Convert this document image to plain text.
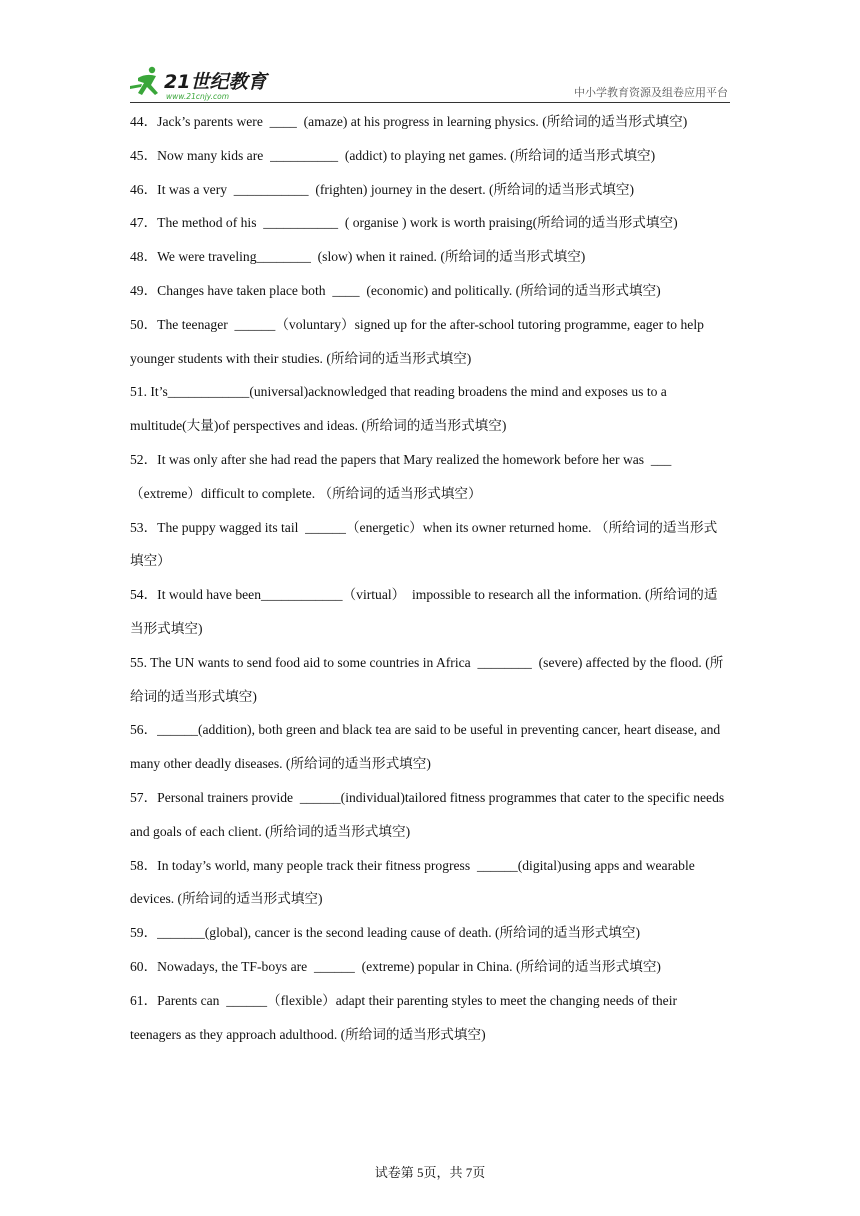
21世纪教育
www.21cnjy.com	中小学教育资源及组卷应用平台

44．Jack’s parents were  ____  (amaze) at his progress in learning physics. (所给词的适当形式填空)

45．Now many kids are  __________  (addict) to playing net games. (所给词的适当形式填空)

46．It was a very  ___________  (frighten) journey in the desert. (所给词的适当形式填空)

47．The method of his  ___________  ( organise ) work is worth praising(所给词的适当形式填空)

48．We were traveling________  (slow) when it rained. (所给词的适当形式填空)

49．Changes have taken place both  ____  (economic) and politically. (所给词的适当形式填空)

50．The teenager  ______（voluntary）signed up for the after-school tutoring programme, eager to help younger students with their studies. (所给词的适当形式填空)

51. It’s____________(universal)acknowledged that reading broadens the mind and exposes us to a multitude(大量)of perspectives and ideas. (所给词的适当形式填空)

52．It was only after she had read the papers that Mary realized the homework before her was  ___（extreme）difficult to complete. （所给词的适当形式填空）

53．The puppy wagged its tail  ______（energetic）when its owner returned home. （所给词的适当形式填空）

54．It would have been____________（virtual）  impossible to research all the information. (所给词的适当形式填空)

55. The UN wants to send food aid to some countries in Africa  ________  (severe) affected by the flood. (所给词的适当形式填空)

56．______(addition), both green and black tea are said to be useful in preventing cancer, heart disease, and many other deadly diseases. (所给词的适当形式填空)

57．Personal trainers provide  ______(individual)tailored fitness programmes that cater to the specific needs and goals of each client. (所给词的适当形式填空)

58．In today’s world, many people track their fitness progress  ______(digital)using apps and wearable devices. (所给词的适当形式填空)

59．_______(global), cancer is the second leading cause of death. (所给词的适当形式填空)

60．Nowadays, the TF-boys are  ______  (extreme) popular in China. (所给词的适当形式填空)

61．Parents can  ______（flexible）adapt their parenting styles to meet the changing needs of their teenagers as they approach adulthood. (所给词的适当形式填空)

试卷第 5页，共 7页
